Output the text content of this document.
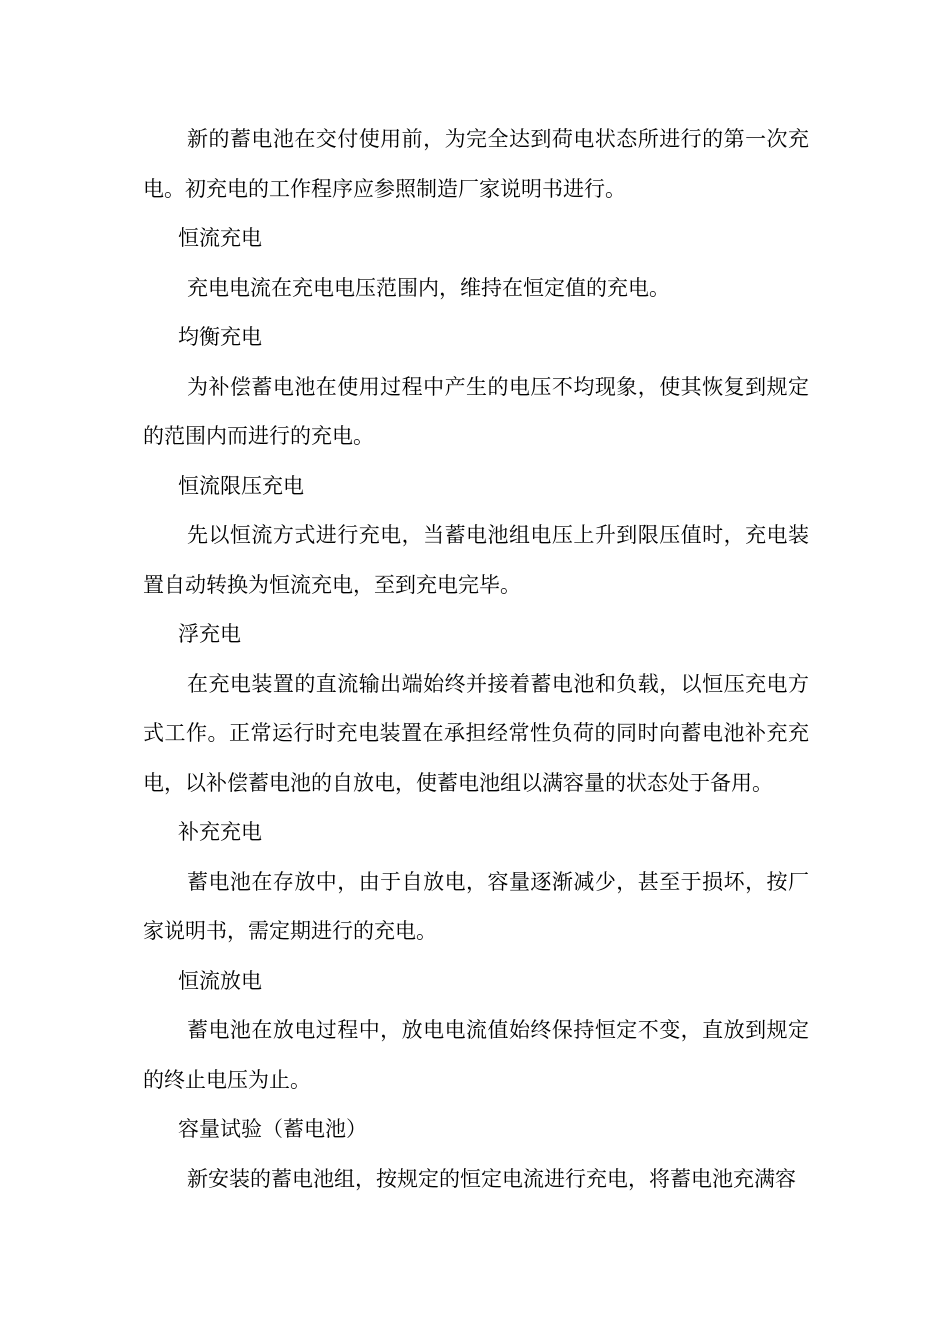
新的蓄电池在交付使用前，为完全达到荷电状态所进行的第一次充电。初充电的工作程序应参照制造厂家说明书进行。

恒流充电

充电电流在充电电压范围内，维持在恒定值的充电。

均衡充电

为补偿蓄电池在使用过程中产生的电压不均现象，使其恢复到规定的范围内而进行的充电。

恒流限压充电

先以恒流方式进行充电，当蓄电池组电压上升到限压值时，充电装置自动转换为恒流充电，至到充电完毕。

浮充电

在充电装置的直流输出端始终并接着蓄电池和负载，以恒压充电方式工作。正常运行时充电装置在承担经常性负荷的同时向蓄电池补充充电，以补偿蓄电池的自放电，使蓄电池组以满容量的状态处于备用。

补充充电

蓄电池在存放中，由于自放电，容量逐渐减少，甚至于损坏，按厂家说明书，需定期进行的充电。

恒流放电

蓄电池在放电过程中，放电电流值始终保持恒定不变，直放到规定的终止电压为止。

容量试验（蓄电池）

新安装的蓄电池组，按规定的恒定电流进行充电，将蓄电池充满容
